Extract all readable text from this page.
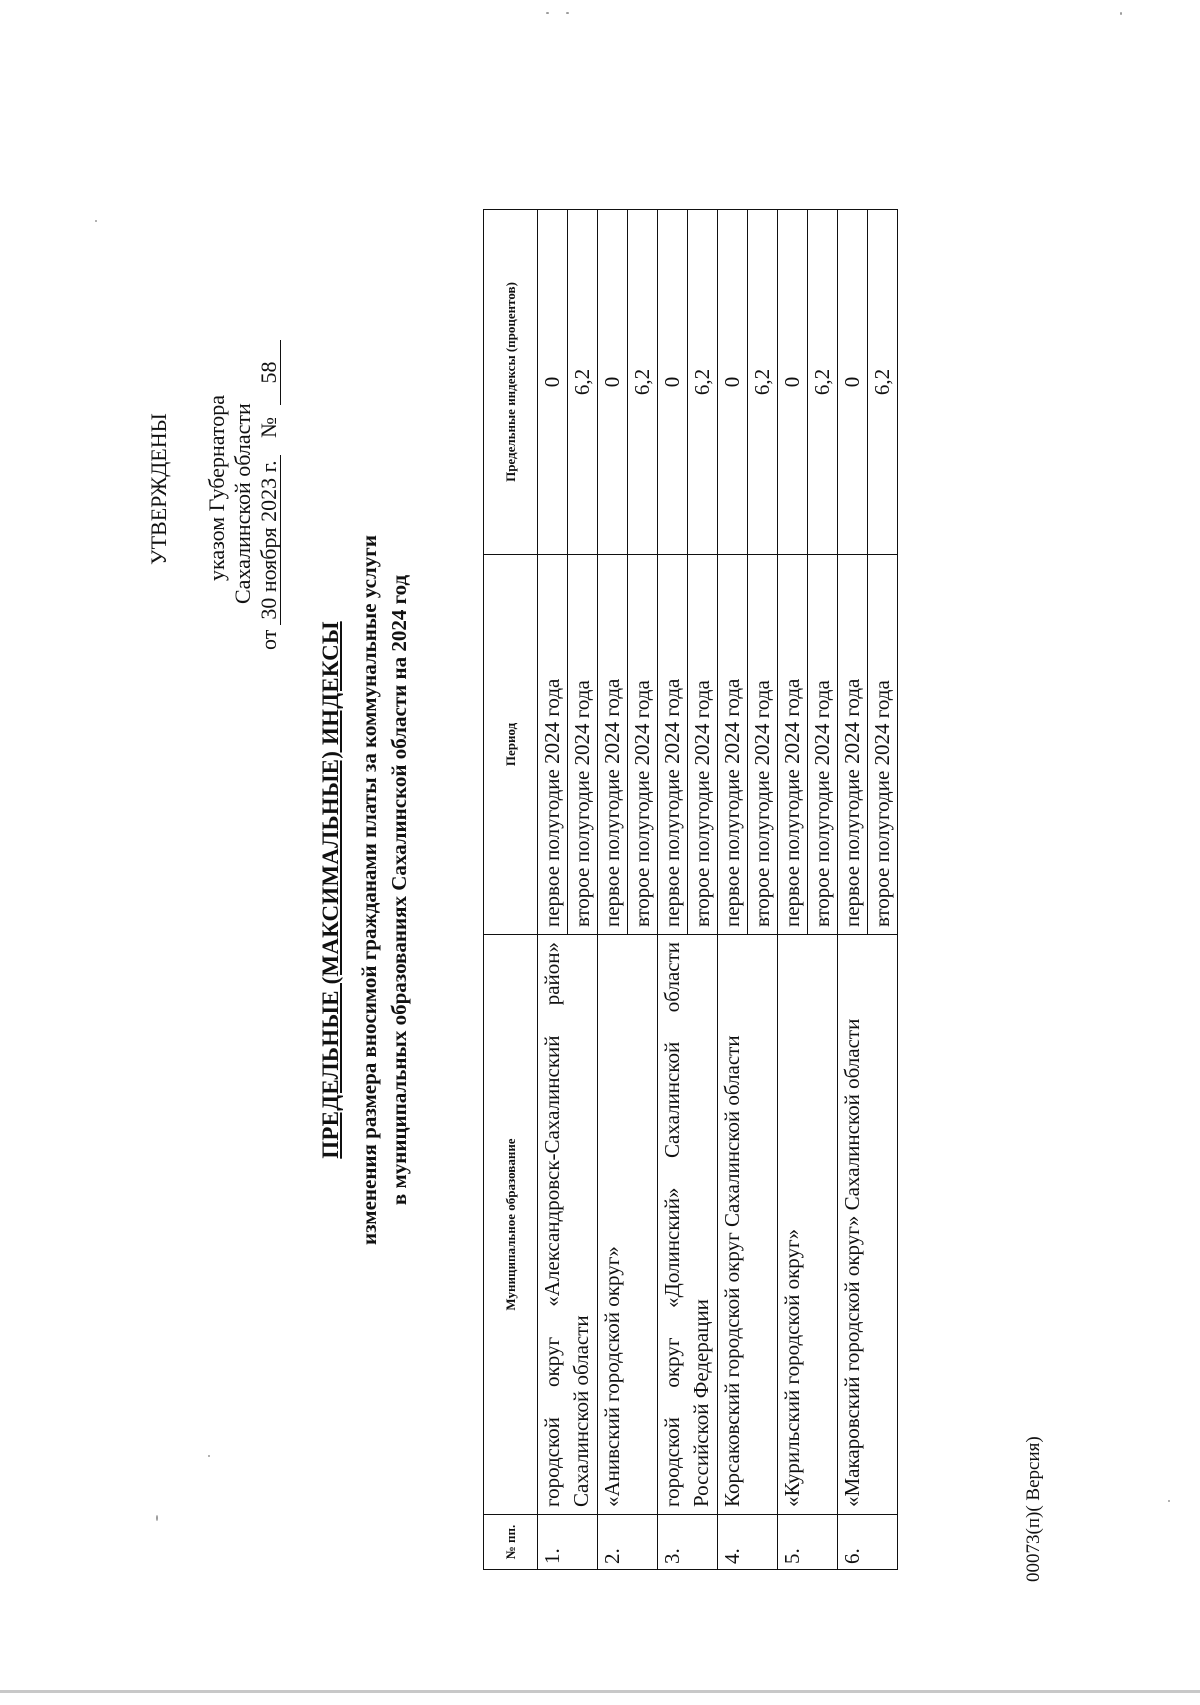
УТВЕРЖДЕНЫ указом Губернатора Сахалинской области
от
30 ноября 2023 г.
№
58

ПРЕДЕЛЬНЫЕ (МАКСИМАЛЬНЫЕ) ИНДЕКСЫ изменения размера вносимой гражданами платы за коммунальные услуги в муниципальных образованиях Сахалинской области на 2024 год

№ пп.	Муниципальное образование	Период	Предельные индексы (процентов)
1.	городской округ «Александровск-Сахалинский район» Сахалинской области	первое полугодие 2024 года	0
		второе полугодие 2024 года	6,2
2.	«Анивский городской округ»	первое полугодие 2024 года	0
		второе полугодие 2024 года	6,2
3.	городской округ «Долинский» Сахалинской области Российской Федерации	первое полугодие 2024 года	0
		второе полугодие 2024 года	6,2
4.	Корсаковский городской округ Сахалинской области	первое полугодие 2024 года	0
		второе полугодие 2024 года	6,2
5.	«Курильский городской округ»	первое полугодие 2024 года	0
		второе полугодие 2024 года	6,2
6.	«Макаровский городской округ» Сахалинской области	первое полугодие 2024 года	0
		второе полугодие 2024 года	6,2
00073(п)( Версия)
